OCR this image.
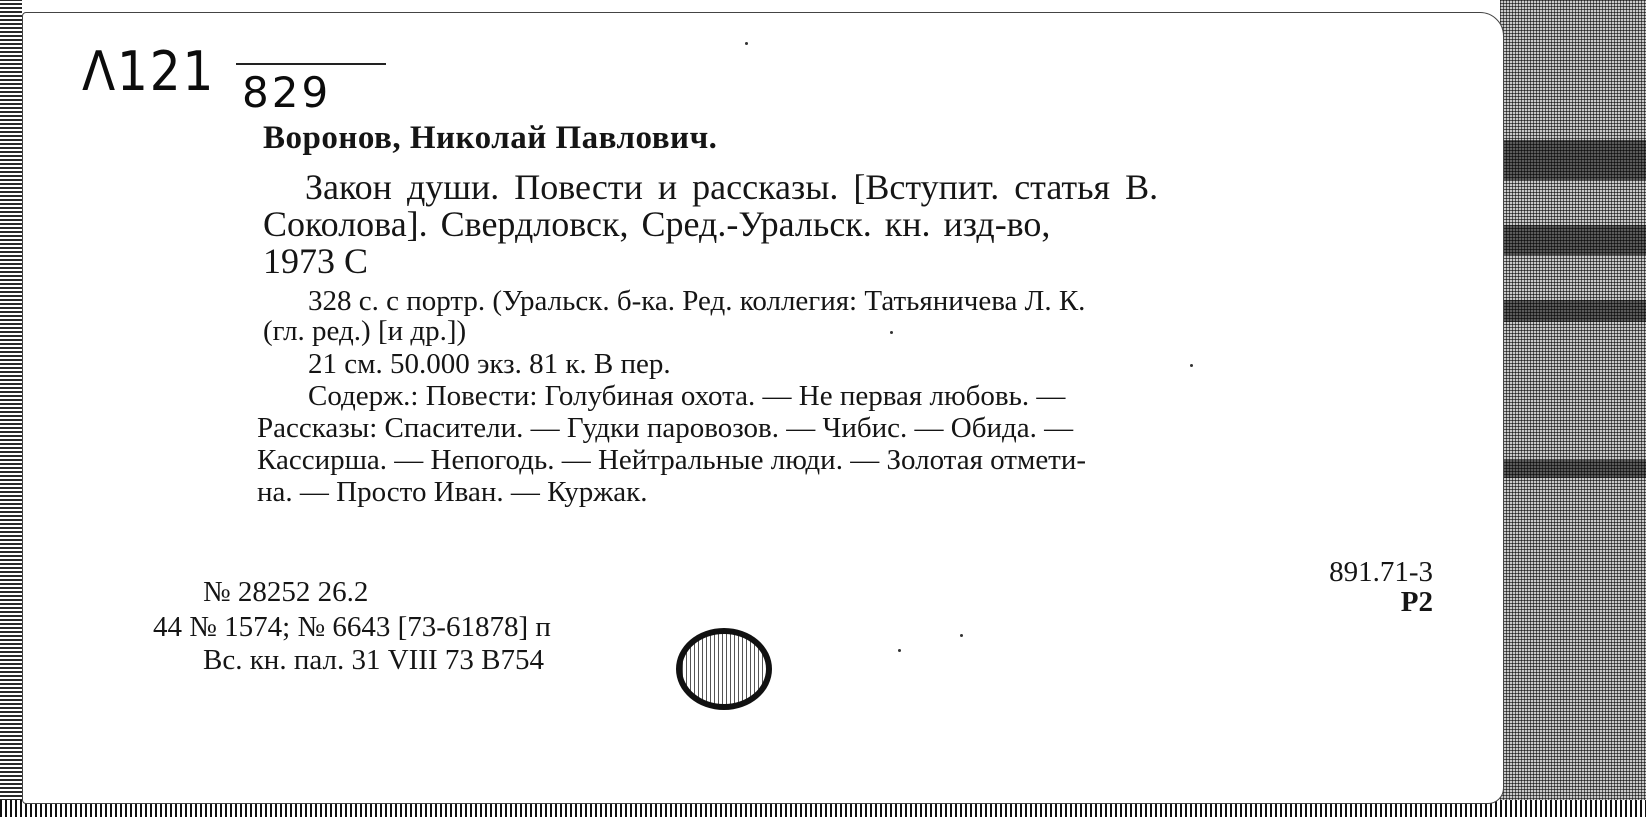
Λ121 829
Воронов, Николай Павлович.
Закон души. Повести и рассказы. [Вступит. статья В.
Соколова]. Свердловск, Сред.-Уральск. кн. изд-во,
1973 C
328 с. с портр. (Уральск. б-ка. Ред. коллегия: Татьяничева Л. К.
(гл. ред.) [и др.])
21 см. 50.000 экз. 81 к. В пер.
Содерж.: Повести: Голубиная охота. — Не первая любовь. —
Рассказы: Спасители. — Гудки паровозов. — Чибис. — Обида. —
Кассирша. — Непогодь. — Нейтральные люди. — Золотая отмети-
на. — Просто Иван. — Куржак.
891.71-3
Р2
№ 28252 26.2
44 № 1574; № 6643 [73-61878] п
Вс. кн. пал. 31 VIII 73 B754
